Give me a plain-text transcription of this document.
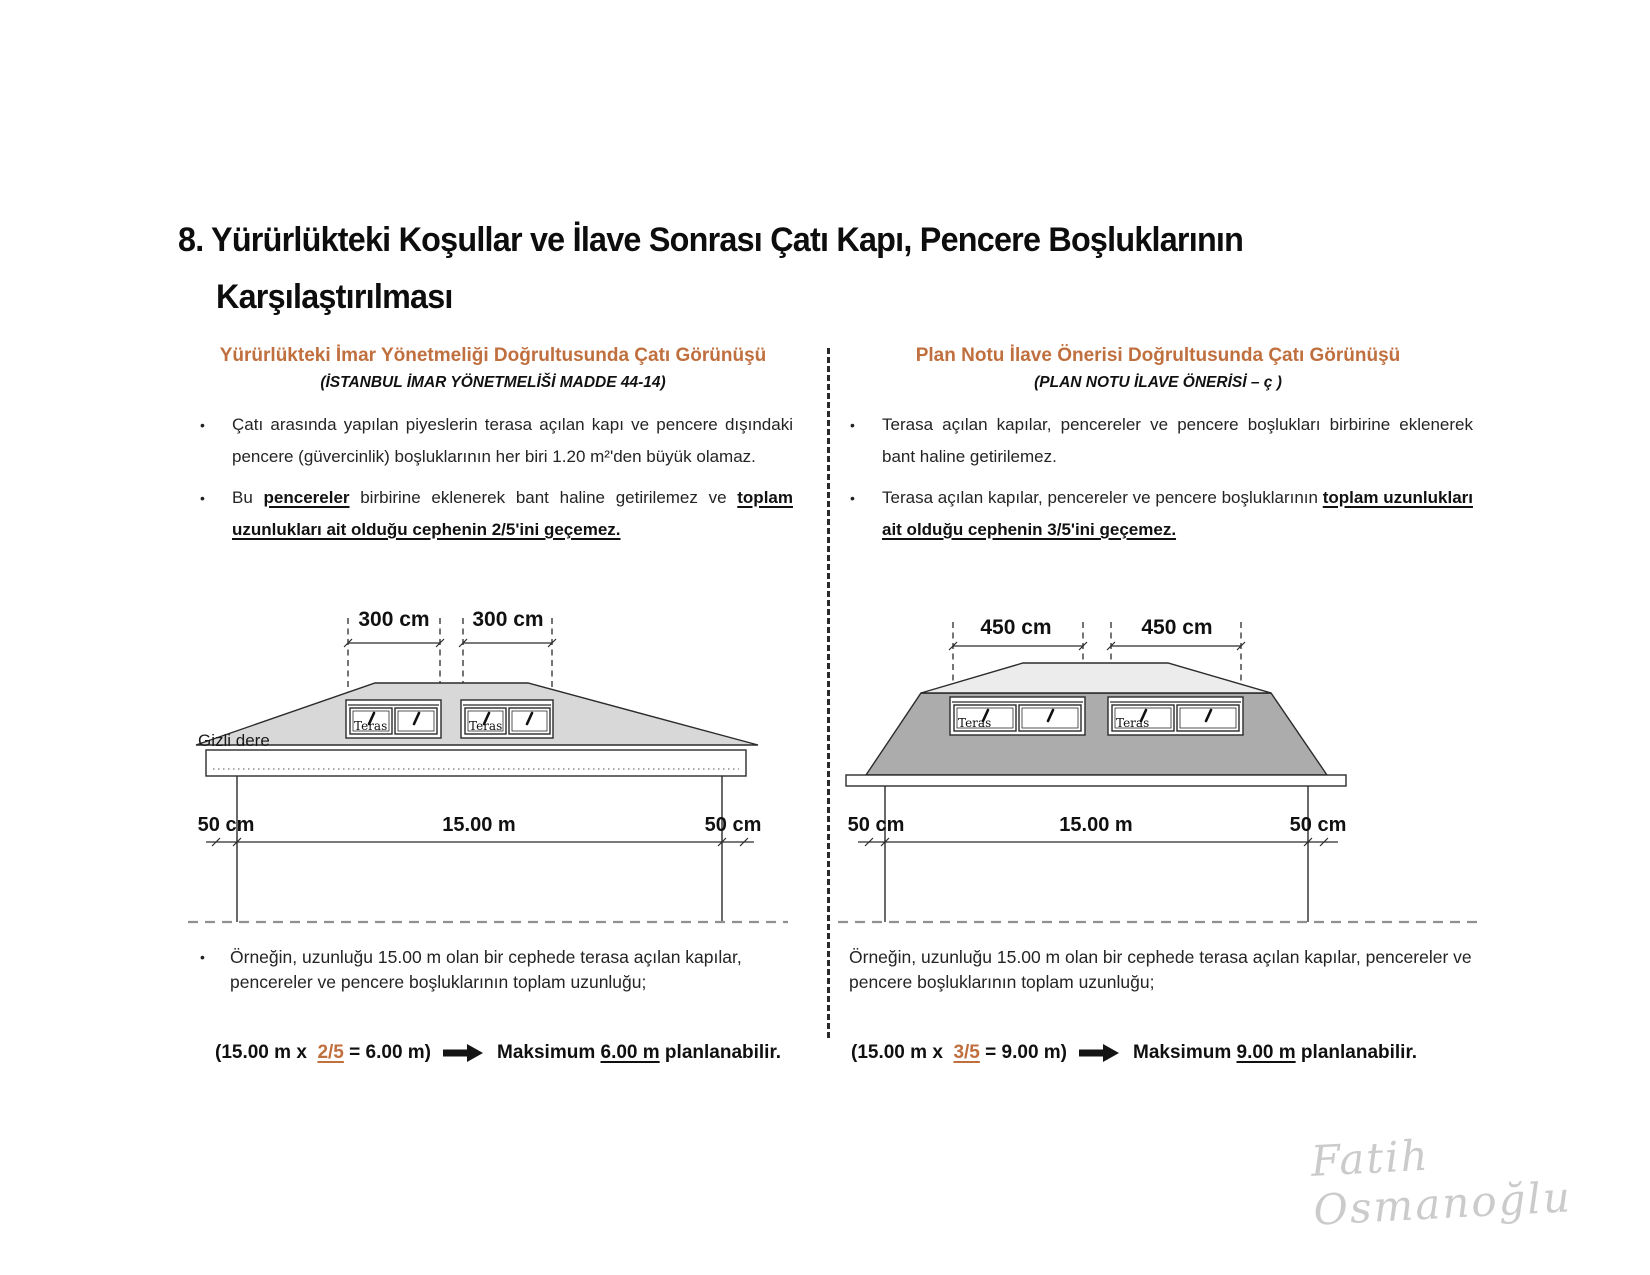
8. Yürürlükteki Koşullar ve İlave Sonrası Çatı Kapı, Pencere Boşluklarının
Karşılaştırılması
Yürürlükteki İmar Yönetmeliği Doğrultusunda Çatı Görünüşü
(İSTANBUL İMAR YÖNETMELİŠİ MADDE 44-14)
•	Çatı arasında yapılan piyeslerin terasa açılan kapı ve pencere dışındaki pencere (güvercinlik) boşluklarının her biri 1.20 m²'den büyük olamaz.
•	Bu pencereler birbirine eklenerek bant haline getirilemez ve toplam uzunlukları ait olduğu cephenin 2/5'ini geçemez.
300 cm 300 cm
Teras	Teras
Gizli dere
50 cm	15.00 m	50 cm
•	Örneğin, uzunluğu 15.00 m olan bir cephede terasa açılan kapılar, pencereler ve pencere boşluklarının toplam uzunluğu;
(15.00 m x 2/5 = 6.00 m)	Maksimum 6.00 m planlanabilir.
Plan Notu İlave Önerisi Doğrultusunda Çatı Görünüşü
(PLAN NOTU İLAVE ÖNERİSİ – ç )
•	Terasa açılan kapılar, pencereler ve pencere boşlukları birbirine eklenerek bant haline getirilemez.
•	Terasa açılan kapılar, pencereler ve pencere boşluklarının toplam uzunlukları ait olduğu cephenin 3/5'ini geçemez.
450 cm	450 cm
Teras	Teras
50 cm	15.00 m	50 cm
Örneğin, uzunluğu 15.00 m olan bir cephede terasa açılan kapılar, pencereler ve pencere boşluklarının toplam uzunluğu;
(15.00 m x 3/5 = 9.00 m)	Maksimum 9.00 m planlanabilir.
Fatih Osmanoğlu
